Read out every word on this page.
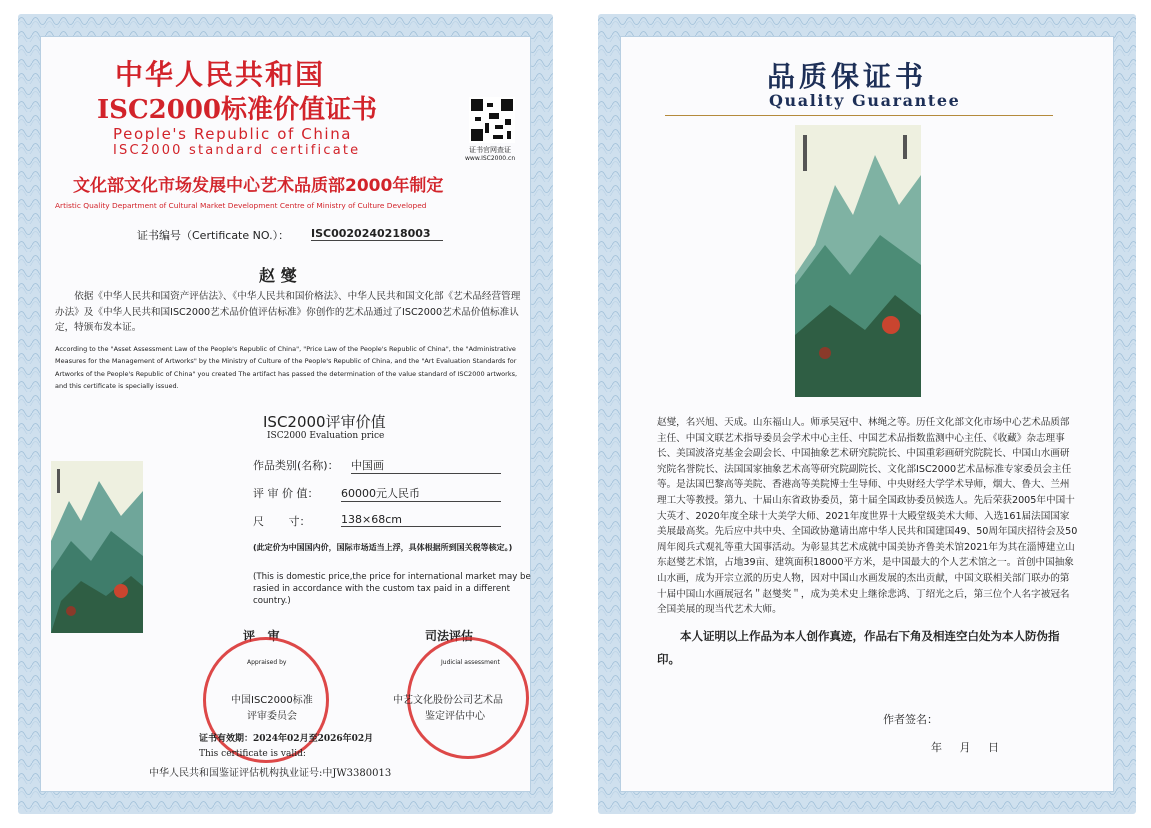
中华人民共和国
ISC2000标准价值证书
People's Republic of China
ISC2000 standard certificate	证书官网查证
www.ISC2000.cn
文化部文化市场发展中心艺术品质部2000年制定
Artistic Quality Department of Cultural Market Development Centre of Ministry of Culture Developed
证书编号（Certificate NO.）： ISC0020240218003
赵 燮
依据《中华人民共和国资产评估法》、《中华人民共和国价格法》、中华人民共和国文化部《艺术品经营管理办法》及《中华人民共和国ISC2000艺术品价值评估标准》你创作的艺术品通过了ISC2000艺术品价值标准认定，特颁布发本证。
According to the "Asset Assessment Law of the People's Republic of China", "Price Law of the People's Republic of China", the "Administrative Measures for the Management of Artworks" by the Ministry of Culture of the People's Republic of China, and the "Art Evaluation Standards for Artworks of the People's Republic of China" you created The artifact has passed the determination of the value standard of ISC2000 artworks, and this certificate is specially issued.
ISC2000评审价值
ISC2000 Evaluation price
作品类别(名称)： 中国画
评 审 价 值： 60000元人民币
尺       寸：	138×68cm
(此定价为中国国内价，国际市场适当上浮，具体根据所到国关税等核定。)
(This is domestic price,the price for international market may be rasied in accordance with the custom tax paid in a different country.)
评   审	司法评估
Appraised by
中国ISC2000标准
评审委员会
Judicial assessment
中艺文化股份公司艺术品
鉴定评估中心
证书有效期：2024年02月至2026年02月
This certificate is valid:
中华人民共和国鉴证评估机构执业证号:中JW3380013
品质保证书
Quality Guarantee
赵燮，名兴旭、天成。山东福山人。师承吴冠中、林绳之等。历任文化部文化市场中心艺术品质部主任、中国文联艺术指导委员会学术中心主任、中国艺术品指数监测中心主任、《收藏》杂志理事长、美国波洛克基金会副会长、中国抽象艺术研究院院长、中国重彩画研究院院长、中国山水画研究院名誉院长、法国国家抽象艺术高等研究院副院长、文化部ISC2000艺术品标准专家委员会主任等。是法国巴黎高等美院、香港高等美院博士生导师、中央财经大学学术导师，烟大、鲁大、兰州理工大等教授。第九、十届山东省政协委员，第十届全国政协委员候选人。先后荣获2005年中国十大英才、2020年度全球十大美学大师、2021年度世界十大殿堂级美术大师、入选161届法国国家美展最高奖。先后应中共中央、全国政协邀请出席中华人民共和国建国49、50周年国庆招待会及50周年阅兵式观礼等重大国事活动。为彰显其艺术成就中国美协齐鲁美术馆2021年为其在淄博建立山东赵燮艺术馆，占地39亩、建筑面积18000平方米，是中国最大的个人艺术馆之一。首创中国抽象山水画，成为开宗立派的历史人物，因对中国山水画发展的杰出贡献，中国文联相关部门联办的第十届中国山水画展冠名＂赵燮奖＂，成为美术史上继徐悲鸿、丁绍光之后，第三位个人名字被冠名全国美展的现当代艺术大师。
本人证明以上作品为本人创作真迹，作品右下角及相连空白处为本人防伪指印。
作者签名：
年     月     日
